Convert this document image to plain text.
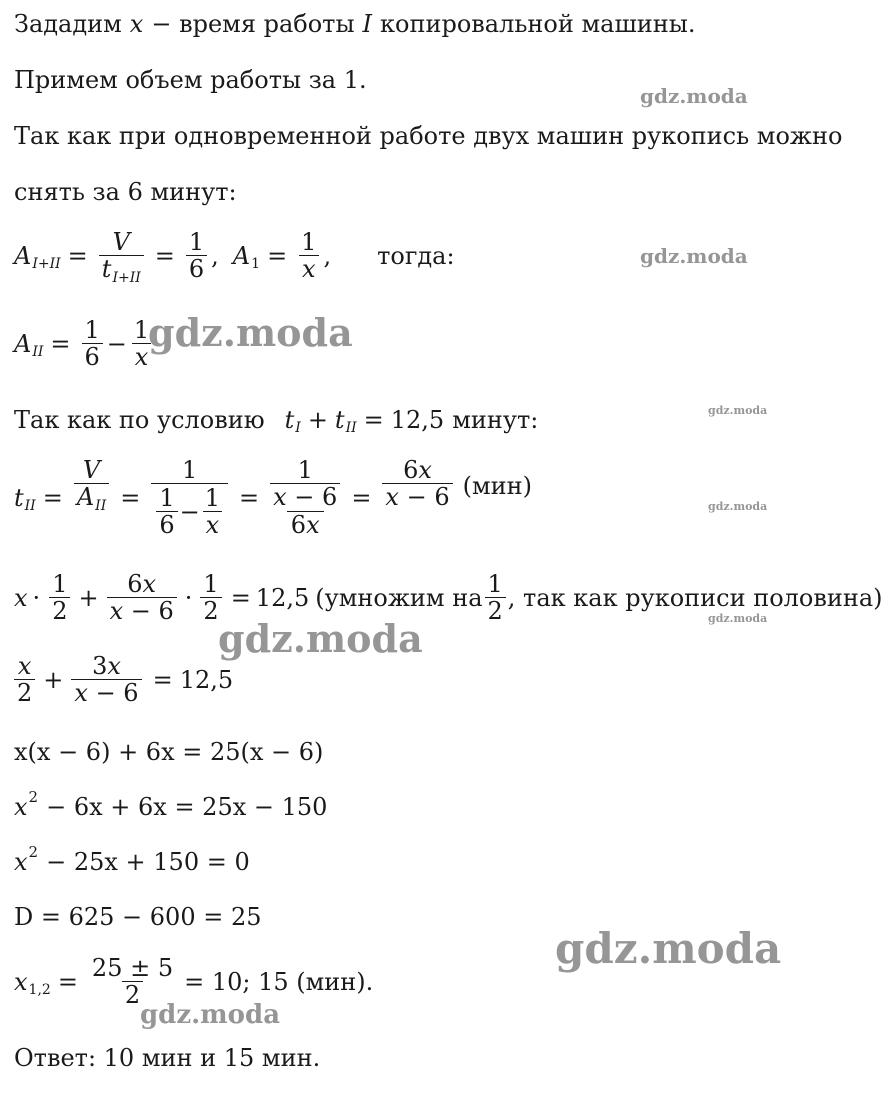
Зададим x − время работы I копировальной машины.
Примем объем работы за 1.
Так как при одновременной работе двух машин рукопись можно
снять за 6 минут:
A $I+II = \frac{V}{t_{I+II}} = \frac{1}{6}$ , A $1 = \frac{1}{x}$ , тогда:
A II = $\frac{1}{6} - \frac{1}{x}$
Так как по условию t I + t II = 12,5 минут:
t II = $\frac{V}{A_{II}} = \frac{1}{\frac{1}{6} - \frac{1}{x}} = 1$
x − 6
$6x = \frac{6x}{x - 6} (мин)$
$x \cdot \frac{1}{2} + \frac{6x}{x - 6} \cdot \frac{1}{2} = 12,5$ (умножим на $\frac{1}{2}$ , так как рукописи половина)
$\frac{x}{2} + \frac{3x}{x - 6} = 12,5$
x(x − 6) + 6x = 25(x − 6)
x 2 − 6x + 6x = 25x − 150
x 2 − 25x + 150 = 0
D = 625 − 600 = 25
x $1,2 = \frac{25 \pm 5}{2} = 10$; 15 (мин).
Ответ: 10 мин и 15 мин.
gdz.moda
gdz.moda
gdz.moda
gdz.moda
gdz.moda
gdz.moda
gdz.moda
gdz.moda
gdz.moda
